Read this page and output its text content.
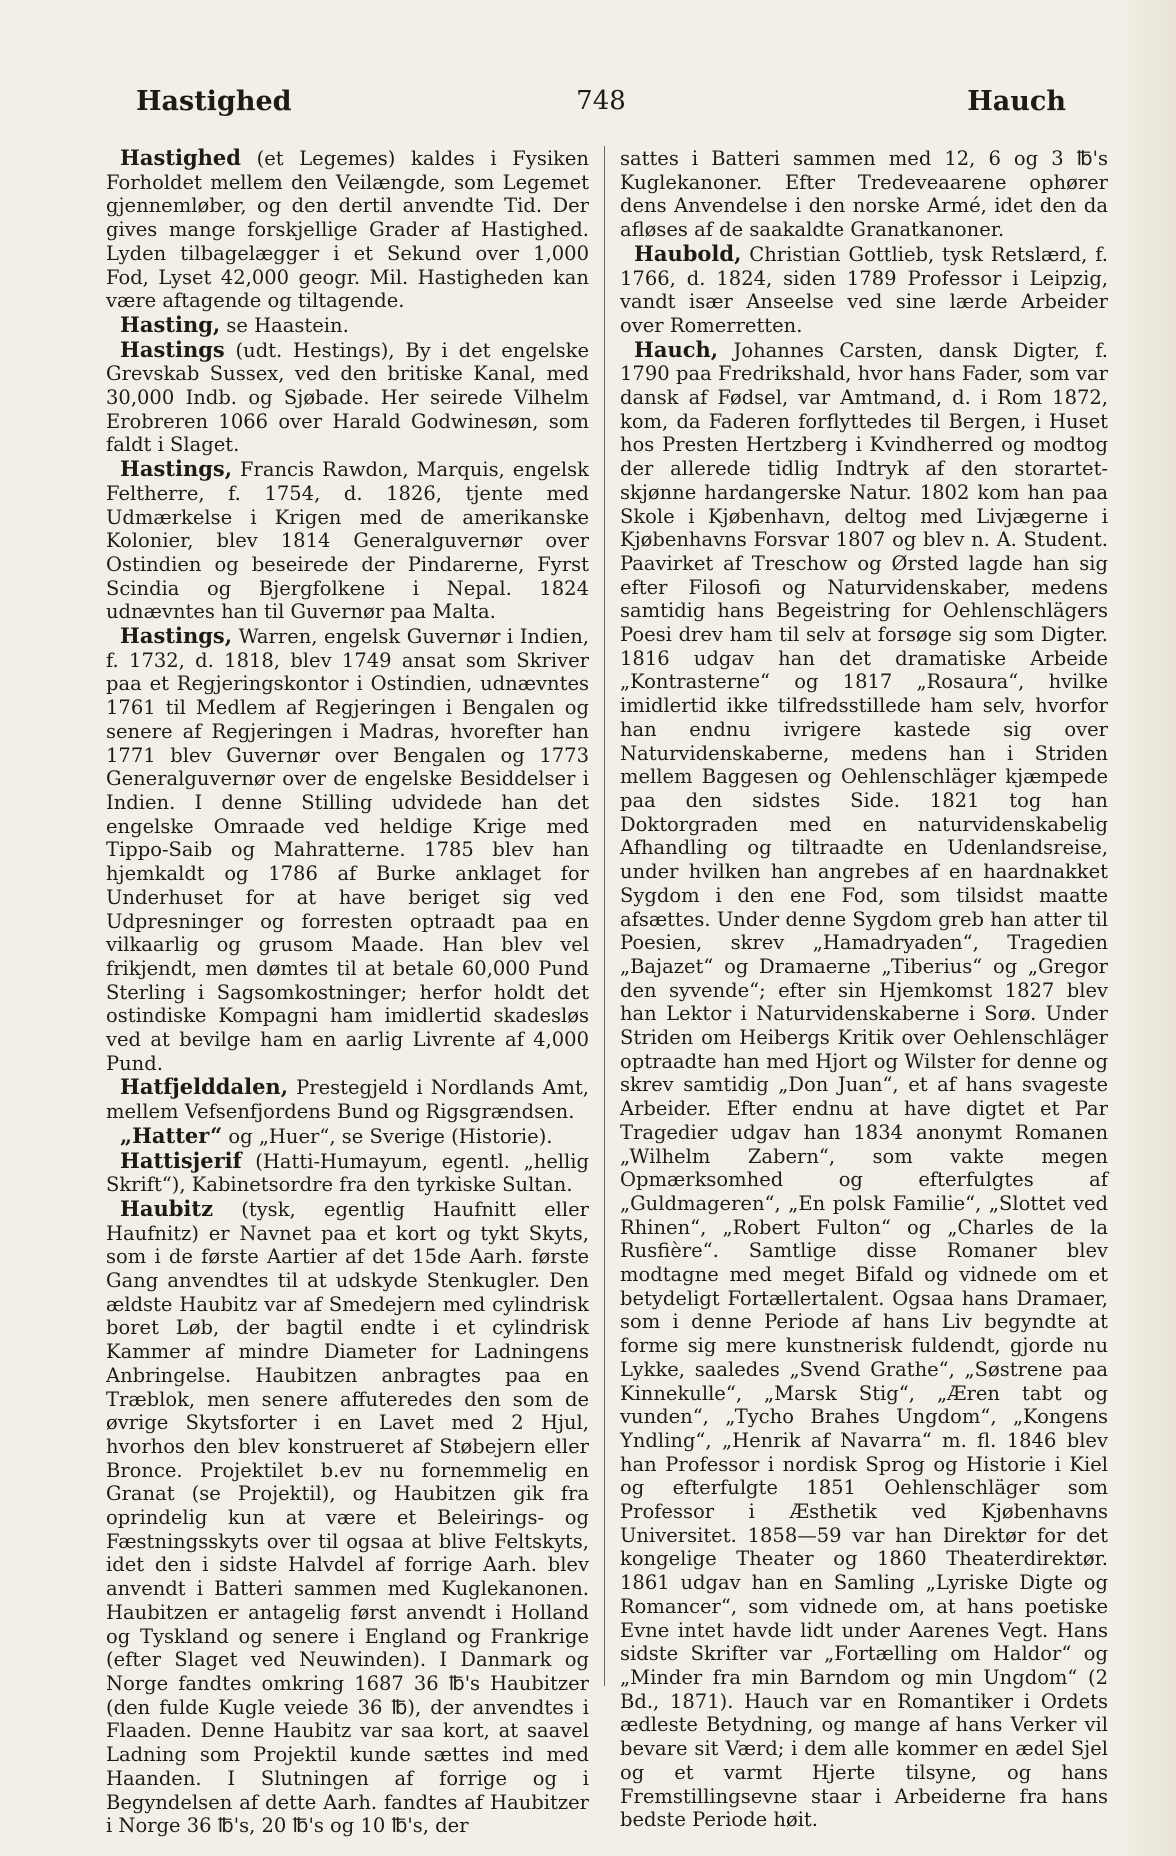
Hastighed	748	Hauch

Hastighed (et Legemes) kaldes i Fysiken Forholdet mellem den Veilængde, som Legemet gjennemløber, og den dertil anvendte Tid. Der gives mange forskjellige Grader af Hastighed. Lyden tilbagelægger i et Sekund over 1,000 Fod, Lyset 42,000 geogr. Mil. Hastigheden kan være aftagende og tiltagende.

Hasting, se Haastein.

Hastings (udt. Hestings), By i det engelske Grevskab Sussex, ved den britiske Kanal, med 30,000 Indb. og Sjøbade. Her seirede Vilhelm Erobreren 1066 over Harald Godwinesøn, som faldt i Slaget.

Hastings, Francis Rawdon, Marquis, engelsk Feltherre, f. 1754, d. 1826, tjente med Udmærkelse i Krigen med de amerikanske Kolonier, blev 1814 Generalguvernør over Ostindien og beseirede der Pindarerne, Fyrst Scindia og Bjergfolkene i Nepal. 1824 udnævntes han til Guvernør paa Malta.

Hastings, Warren, engelsk Guvernør i Indien, f. 1732, d. 1818, blev 1749 ansat som Skriver paa et Regjeringskontor i Ostindien, udnævntes 1761 til Medlem af Regjeringen i Bengalen og senere af Regjeringen i Madras, hvorefter han 1771 blev Guvernør over Bengalen og 1773 Generalguvernør over de engelske Besiddelser i Indien. I denne Stilling udvidede han det engelske Omraade ved heldige Krige med Tippo-Saib og Mahratterne. 1785 blev han hjemkaldt og 1786 af Burke anklaget for Underhuset for at have beriget sig ved Udpresninger og forresten optraadt paa en vilkaarlig og grusom Maade. Han blev vel frikjendt, men dømtes til at betale 60,000 Pund Sterling i Sagsomkostninger; herfor holdt det ostindiske Kompagni ham imidlertid skadesløs ved at bevilge ham en aarlig Livrente af 4,000 Pund.

Hatfjelddalen, Prestegjeld i Nordlands Amt, mellem Vefsenfjordens Bund og Rigsgrændsen.

„Hatter“ og „Huer“, se Sverige (Historie).

Hattisjerif (Hatti-Humayum, egentl. „hellig Skrift“), Kabinetsordre fra den tyrkiske Sultan.

Haubitz (tysk, egentlig Haufnitt eller Haufnitz) er Navnet paa et kort og tykt Skyts, som i de første Aartier af det 15de Aarh. første Gang anvendtes til at udskyde Stenkugler. Den ældste Haubitz var af Smedejern med cylindrisk boret Løb, der bagtil endte i et cylindrisk Kammer af mindre Diameter for Ladningens Anbringelse. Haubitzen anbragtes paa en Træblok, men senere affuteredes den som de øvrige Skytsforter i en Lavet med 2 Hjul, hvorhos den blev konstrueret af Støbejern eller Bronce. Projektilet b.ev nu fornemmelig en Granat (se Projektil), og Haubitzen gik fra oprindelig kun at være et Beleirings- og Fæstningsskyts over til ogsaa at blive Feltskyts, idet den i sidste Halvdel af forrige Aarh. blev anvendt i Batteri sammen med Kuglekanonen. Haubitzen er antagelig først anvendt i Holland og Tyskland og senere i England og Frankrige (efter Slaget ved Neuwinden). I Danmark og Norge fandtes omkring 1687 36 ℔'s Haubitzer (den fulde Kugle veiede 36 ℔), der anvendtes i Flaaden. Denne Haubitz var saa kort, at saavel Ladning som Projektil kunde sættes ind med Haanden. I Slutningen af forrige og i Begyndelsen af dette Aarh. fandtes af Haubitzer i Norge 36 ℔'s, 20 ℔'s og 10 ℔'s, der

sattes i Batteri sammen med 12, 6 og 3 ℔'s Kuglekanoner. Efter Tredeveaarene ophører dens Anvendelse i den norske Armé, idet den da afløses af de saakaldte Granatkanoner.

Haubold, Christian Gottlieb, tysk Retslærd, f. 1766, d. 1824, siden 1789 Professor i Leipzig, vandt især Anseelse ved sine lærde Arbeider over Romerretten.

Hauch, Johannes Carsten, dansk Digter, f. 1790 paa Fredrikshald, hvor hans Fader, som var dansk af Fødsel, var Amtmand, d. i Rom 1872, kom, da Faderen forflyttedes til Bergen, i Huset hos Presten Hertzberg i Kvindherred og modtog der allerede tidlig Indtryk af den storartet-skjønne hardangerske Natur. 1802 kom han paa Skole i Kjøbenhavn, deltog med Livjægerne i Kjøbenhavns Forsvar 1807 og blev n. A. Student. Paavirket af Treschow og Ørsted lagde han sig efter Filosofi og Naturvidenskaber, medens samtidig hans Begeistring for Oehlenschlägers Poesi drev ham til selv at forsøge sig som Digter. 1816 udgav han det dramatiske Arbeide „Kontrasterne“ og 1817 „Rosaura“, hvilke imidlertid ikke tilfredsstillede ham selv, hvorfor han endnu ivrigere kastede sig over Naturvidenskaberne, medens han i Striden mellem Baggesen og Oehlenschläger kjæmpede paa den sidstes Side. 1821 tog han Doktorgraden med en naturvidenskabelig Afhandling og tiltraadte en Udenlandsreise, under hvilken han angrebes af en haardnakket Sygdom i den ene Fod, som tilsidst maatte afsættes. Under denne Sygdom greb han atter til Poesien, skrev „Hamadryaden“, Tragedien „Bajazet“ og Dramaerne „Tiberius“ og „Gregor den syvende“; efter sin Hjemkomst 1827 blev han Lektor i Naturvidenskaberne i Sorø. Under Striden om Heibergs Kritik over Oehlenschläger optraadte han med Hjort og Wilster for denne og skrev samtidig „Don Juan“, et af hans svageste Arbeider. Efter endnu at have digtet et Par Tragedier udgav han 1834 anonymt Romanen „Wilhelm Zabern“, som vakte megen Opmærksomhed og efterfulgtes af „Guldmageren“, „En polsk Familie“, „Slottet ved Rhinen“, „Robert Fulton“ og „Charles de la Rusfière“. Samtlige disse Romaner blev modtagne med meget Bifald og vidnede om et betydeligt Fortællertalent. Ogsaa hans Dramaer, som i denne Periode af hans Liv begyndte at forme sig mere kunstnerisk fuldendt, gjorde nu Lykke, saaledes „Svend Grathe“, „Søstrene paa Kinnekulle“, „Marsk Stig“, „Æren tabt og vunden“, „Tycho Brahes Ungdom“, „Kongens Yndling“, „Henrik af Navarra“ m. fl. 1846 blev han Professor i nordisk Sprog og Historie i Kiel og efterfulgte 1851 Oehlenschläger som Professor i Æsthetik ved Kjøbenhavns Universitet. 1858—59 var han Direktør for det kongelige Theater og 1860 Theaterdirektør. 1861 udgav han en Samling „Lyriske Digte og Romancer“, som vidnede om, at hans poetiske Evne intet havde lidt under Aarenes Vegt. Hans sidste Skrifter var „Fortælling om Haldor“ og „Minder fra min Barndom og min Ungdom“ (2 Bd., 1871). Hauch var en Romantiker i Ordets ædleste Betydning, og mange af hans Verker vil bevare sit Værd; i dem alle kommer en ædel Sjel og et varmt Hjerte tilsyne, og hans Fremstillingsevne staar i Arbeiderne fra hans bedste Periode høit.
